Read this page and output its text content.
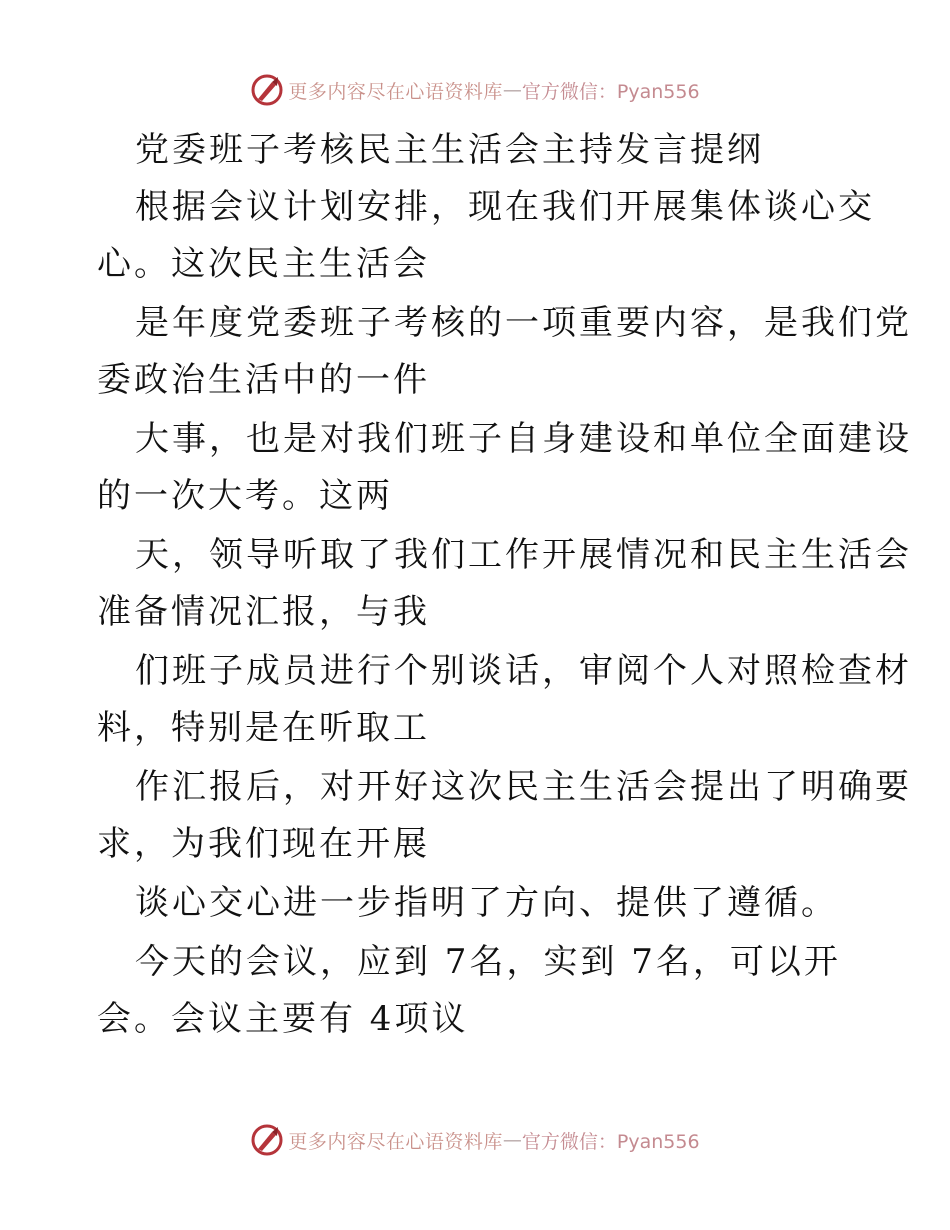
更多内容尽在心语资料库 — 官方微信：Pyan556
党委班子考核民主生活会主持发言提纲
根据会议计划安排，现在我们开展集体谈心交
心。这次民主生活会
是年度党委班子考核的一项重要内容，是我们党
委政治生活中的一件
大事，也是对我们班子自身建设和单位全面建设
的一次大考。这两
天，领导听取了我们工作开展情况和民主生活会
准备情况汇报，与我
们班子成员进行个别谈话，审阅个人对照检查材
料，特别是在听取工
作汇报后，对开好这次民主生活会提出了明确要
求，为我们现在开展
谈心交心进一步指明了方向、提供了遵循。
今天的会议，应到 7名，实到 7名，可以开
会。会议主要有 4项议
更多内容尽在心语资料库 — 官方微信：Pyan556
